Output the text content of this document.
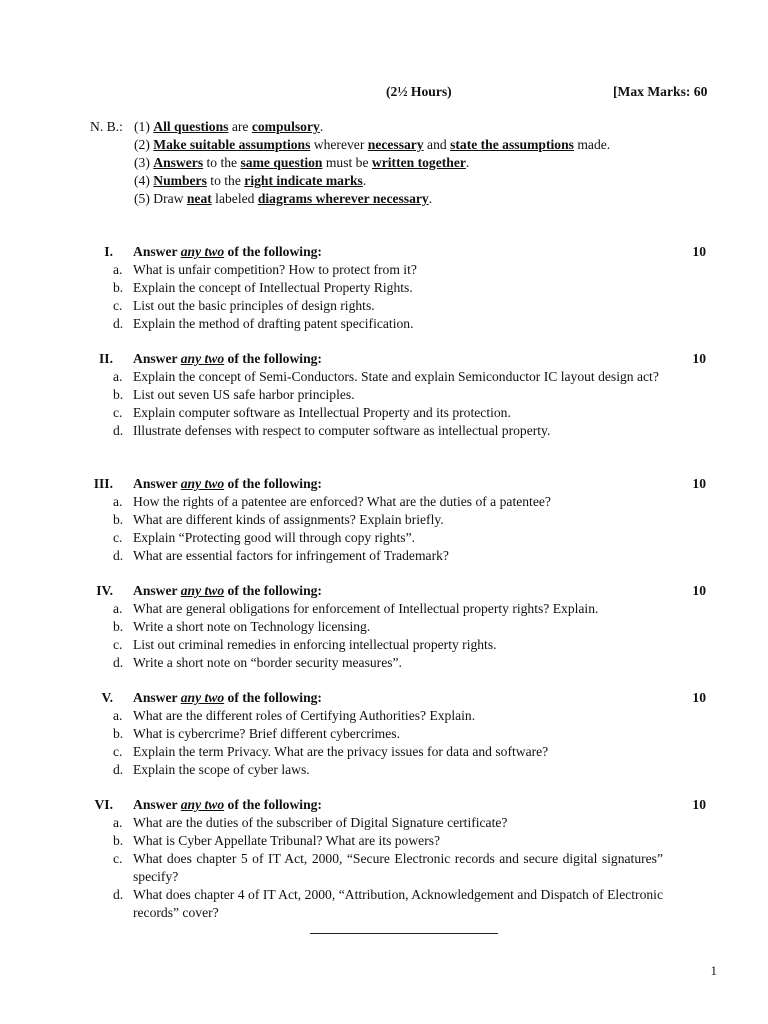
(2½ Hours)	[Max Marks: 60
N. B.: (1) All questions are compulsory.
(2) Make suitable assumptions wherever necessary and state the assumptions made.
(3) Answers to the same question must be written together.
(4) Numbers to the right indicate marks.
(5) Draw neat labeled diagrams wherever necessary.
I. Answer any two of the following:	10
a. What is unfair competition? How to protect from it?
b. Explain the concept of Intellectual Property Rights.
c. List out the basic principles of design rights.
d. Explain the method of drafting patent specification.
II. Answer any two of the following:	10
a. Explain the concept of Semi-Conductors. State and explain Semiconductor IC layout design act?
b. List out seven US safe harbor principles.
c. Explain computer software as Intellectual Property and its protection.
d. Illustrate defenses with respect to computer software as intellectual property.
III. Answer any two of the following:	10
a. How the rights of a patentee are enforced? What are the duties of a patentee?
b. What are different kinds of assignments? Explain briefly.
c. Explain “Protecting good will through copy rights”.
d. What are essential factors for infringement of Trademark?
IV. Answer any two of the following:	10
a. What are general obligations for enforcement of Intellectual property rights? Explain.
b. Write a short note on Technology licensing.
c. List out criminal remedies in enforcing intellectual property rights.
d. Write a short note on “border security measures”.
V. Answer any two of the following:	10
a. What are the different roles of Certifying Authorities? Explain.
b. What is cybercrime? Brief different cybercrimes.
c. Explain the term Privacy. What are the privacy issues for data and software?
d. Explain the scope of cyber laws.
VI. Answer any two of the following:	10
a. What are the duties of the subscriber of Digital Signature certificate?
b. What is Cyber Appellate Tribunal? What are its powers?
c. What does chapter 5 of IT Act, 2000, “Secure Electronic records and secure digital signatures” specify?
d. What does chapter 4 of IT Act, 2000, “Attribution, Acknowledgement and Dispatch of Electronic records” cover?
1
